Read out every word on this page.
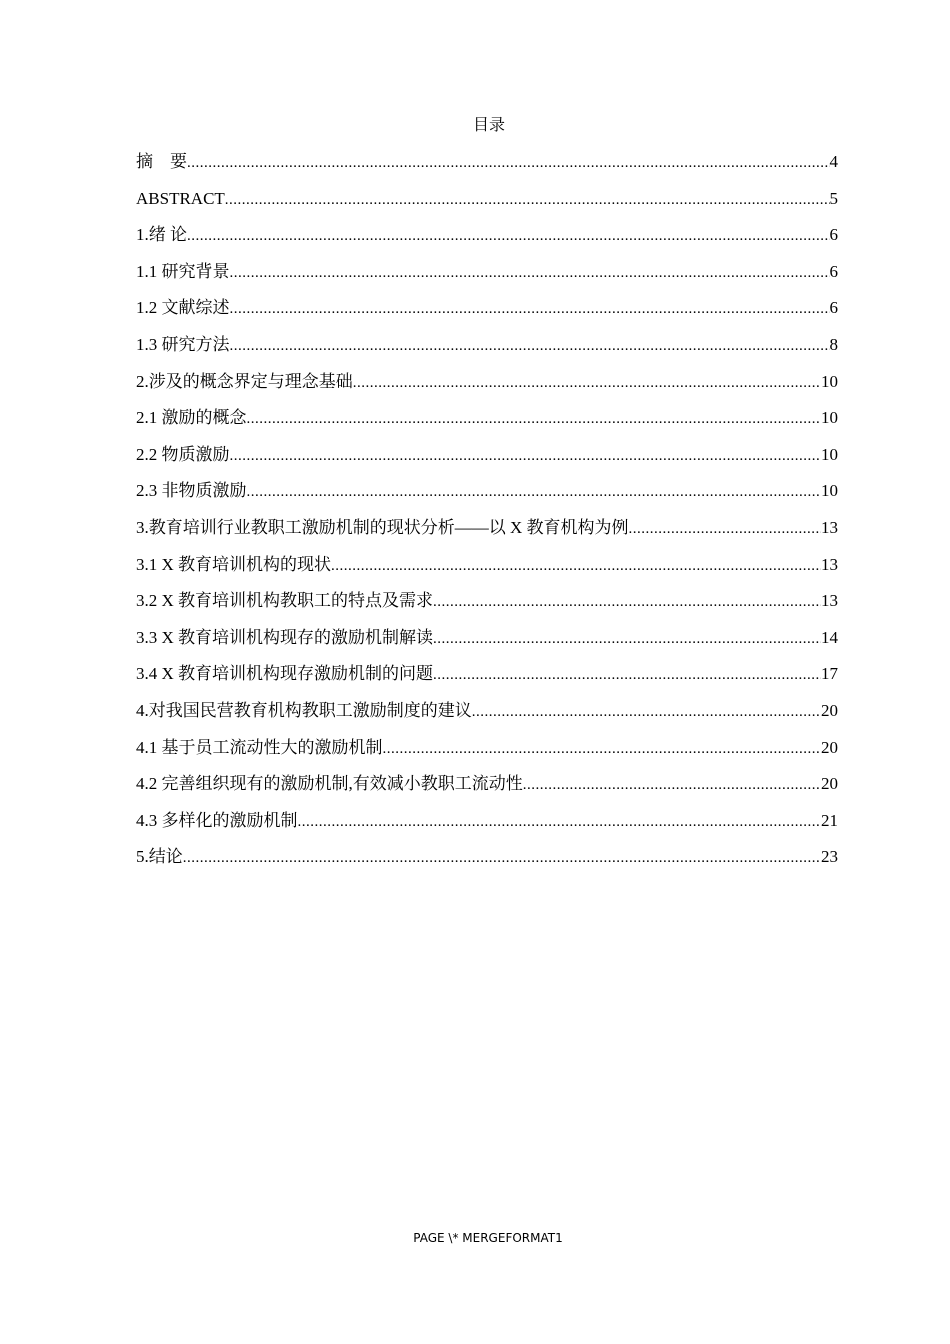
目录
摘　要 .....	4
ABSTRACT .....	5
1.绪 论 .....	6
1.1 研究背景 .....	6
1.2 文献综述 .....	6
1.3 研究方法 .....	8
2.涉及的概念界定与理念基础 .....	10
2.1 激励的概念 .....	10
2.2 物质激励 .....	10
2.3 非物质激励 .....	10
3.教育培训行业教职工激励机制的现状分析——以 X 教育机构为例 .....	13
3.1 X 教育培训机构的现状 .....	13
3.2 X 教育培训机构教职工的特点及需求 .....	13
3.3 X 教育培训机构现存的激励机制解读 .....	14
3.4 X 教育培训机构现存激励机制的问题 .....	17
4.对我国民营教育机构教职工激励制度的建议 .....	20
4.1 基于员工流动性大的激励机制 .....	20
4.2 完善组织现有的激励机制,有效减小教职工流动性 .....	20
4.3 多样化的激励机制 .....	21
5.结论 .....	23
PAGE \* MERGEFORMAT1
